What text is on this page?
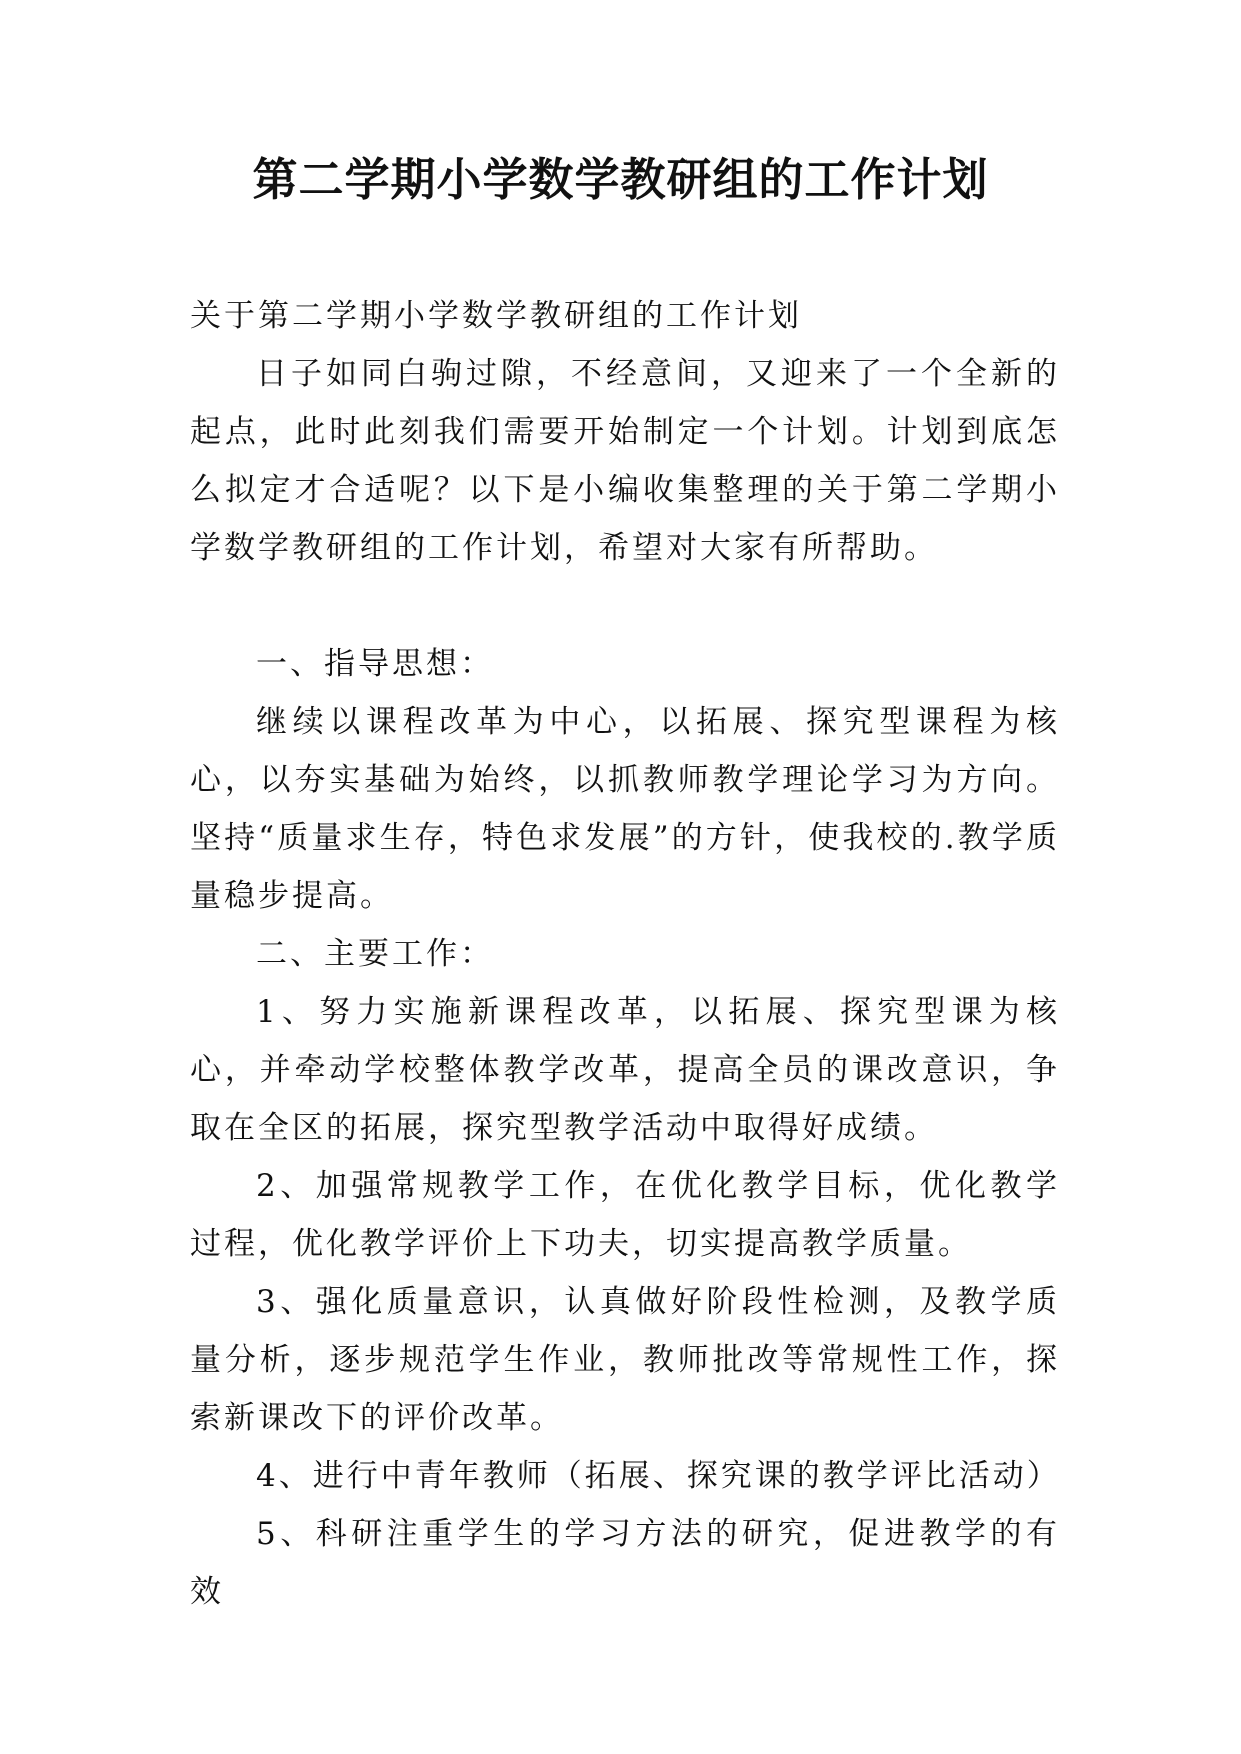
第二学期小学数学教研组的工作计划

关于第二学期小学数学教研组的工作计划

日子如同白驹过隙，不经意间，又迎来了一个全新的起点，此时此刻我们需要开始制定一个计划。计划到底怎么拟定才合适呢？以下是小编收集整理的关于第二学期小学数学教研组的工作计划，希望对大家有所帮助。

一、指导思想：

继续以课程改革为中心，以拓展、探究型课程为核心，以夯实基础为始终，以抓教师教学理论学习为方向。坚持“质量求生存，特色求发展”的方针，使我校的.教学质量稳步提高。

二、主要工作：

1、努力实施新课程改革，以拓展、探究型课为核心，并牵动学校整体教学改革，提高全员的课改意识，争取在全区的拓展，探究型教学活动中取得好成绩。

2、加强常规教学工作，在优化教学目标，优化教学过程，优化教学评价上下功夫，切实提高教学质量。

3、强化质量意识，认真做好阶段性检测，及教学质量分析，逐步规范学生作业，教师批改等常规性工作，探索新课改下的评价改革。

4、进行中青年教师（拓展、探究课的教学评比活动）

5、科研注重学生的学习方法的研究，促进教学的有效
